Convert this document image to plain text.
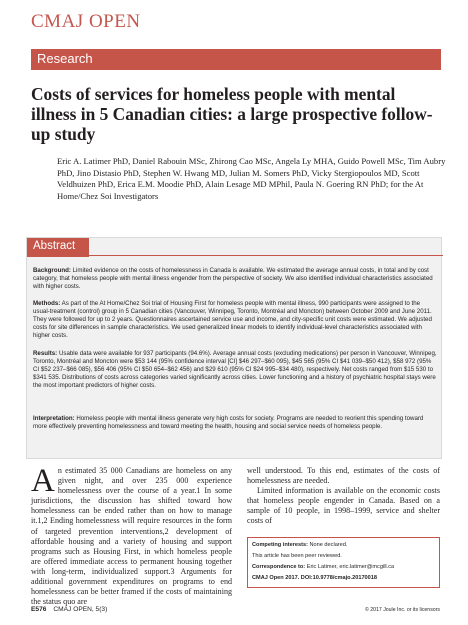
CMAJ OPEN
Research
Costs of services for homeless people with mental illness in 5 Canadian cities: a large prospective follow-up study

Eric A. Latimer PhD, Daniel Rabouin MSc, Zhirong Cao MSc, Angela Ly MHA, Guido Powell MSc, Tim Aubry PhD, Jino Distasio PhD, Stephen W. Hwang MD, Julian M. Somers PhD, Vicky Stergiopoulos MD, Scott Veldhuizen PhD, Erica E.M. Moodie PhD, Alain Lesage MD MPhil, Paula N. Goering RN PhD; for the At Home/Chez Soi Investigators

Abstract

Background: Limited evidence on the costs of homelessness in Canada is available. We estimated the average annual costs, in total and by cost category, that homeless people with mental illness engender from the perspective of society. We also identified individual characteristics associated with higher costs.

Methods: As part of the At Home/Chez Soi trial of Housing First for homeless people with mental illness, 990 participants were assigned to the usual-treatment (control) group in 5 Canadian cities (Vancouver, Winnipeg, Toronto, Montréal and Moncton) between October 2009 and June 2011. They were followed for up to 2 years. Questionnaires ascertained service use and income, and city-specific unit costs were estimated. We adjusted costs for site differences in sample characteristics. We used generalized linear models to identify individual-level characteristics associated with higher costs.

Results: Usable data were available for 937 participants (94.6%). Average annual costs (excluding medications) per person in Vancouver, Winnipeg, Toronto, Montréal and Moncton were $53 144 (95% confidence interval [CI] $46 297–$60 095), $45 565 (95% CI $41 039–$50 412), $58 972 (95% CI $52 237–$66 085), $56 406 (95% CI $50 654–$62 456) and $29 610 (95% CI $24 995–$34 480), respectively. Net costs ranged from $15 530 to $341 535. Distributions of costs across categories varied significantly across cities. Lower functioning and a history of psychiatric hospital stays were the most important predictors of higher costs.

Interpretation: Homeless people with mental illness generate very high costs for society. Programs are needed to reorient this spending toward more effectively preventing homelessness and toward meeting the health, housing and social service needs of homeless people.

An estimated 35 000 Canadians are homeless on any given night, and over 235 000 experience homelessness over the course of a year.1 In some jurisdictions, the discussion has shifted toward how homelessness can be ended rather than on how to manage it.1,2 Ending homelessness will require resources in the form of targeted prevention interventions,2 development of affordable housing and a variety of housing and support programs such as Housing First, in which homeless people are offered immediate access to permanent housing together with long-term, individualized support.3 Arguments for additional government expenditures on programs to end homelessness can be better framed if the costs of maintaining the status quo are

well understood. To this end, estimates of the costs of homelessness are needed.

Limited information is available on the economic costs that homeless people engender in Canada. Based on a sample of 10 people, in 1998–1999, service and shelter costs of

Competing interests: None declared.
This article has been peer reviewed.
Correspondence to: Eric Latimer, eric.latimer@mcgill.ca
CMAJ Open 2017. DOI:10.9778/cmajo.20170018
E576 CMAJ OPEN, 5(3)	© 2017 Joule Inc. or its licensors
